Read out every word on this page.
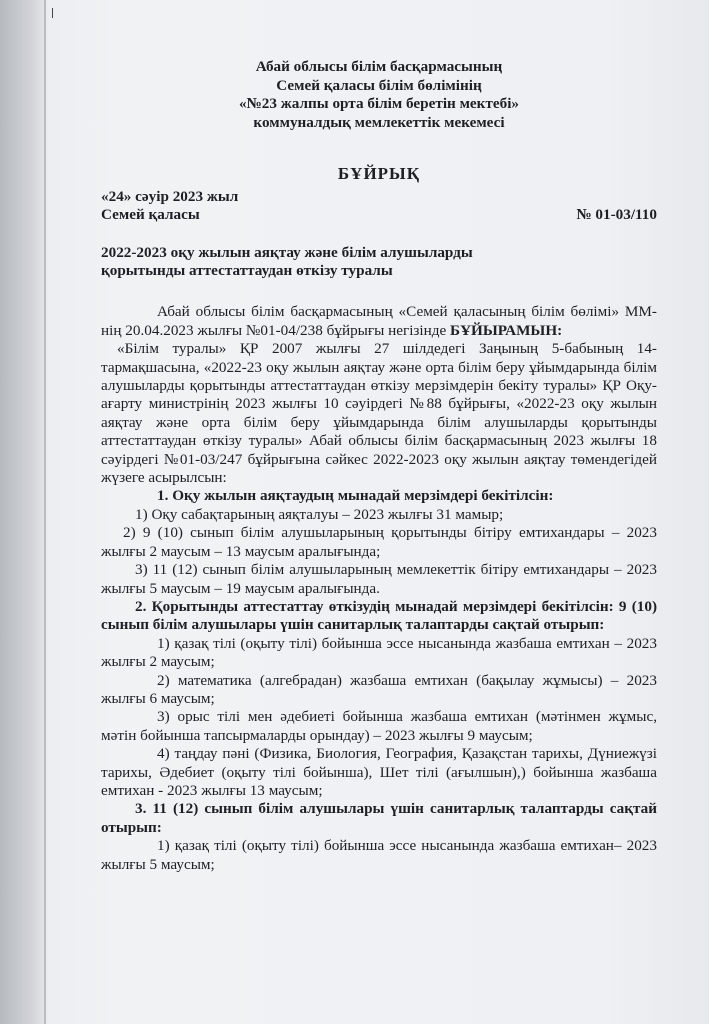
Абай облысы білім басқармасының
Семей қаласы білім бөлімінің
«№23 жалпы орта білім беретін мектебі»
коммуналдық мемлекеттік мекемесі
БҰЙРЫҚ
«24» сәуір 2023 жыл
Семей қаласы	№ 01-03/110
2022-2023 оқу жылын аяқтау және білім алушыларды
қорытынды аттестаттаудан өткізу туралы

Абай облысы білім басқармасының «Семей қаласының білім бөлімі» ММ-нің 20.04.2023 жылғы №01-04/238 бұйрығы негізінде БҰЙЫРАМЫН:

«Білім туралы» ҚР 2007 жылғы 27 шілдедегі Заңының 5-бабының 14-тармақшасына, «2022-23 оқу жылын аяқтау және орта білім беру ұйымдарында білім алушыларды қорытынды аттестаттаудан өткізу мерзімдерін бекіту туралы» ҚР Оқу-ағарту министрінің 2023 жылғы 10 сәуірдегі №88 бұйрығы, «2022-23 оқу жылын аяқтау және орта білім беру ұйымдарында білім алушыларды қорытынды аттестаттаудан өткізу туралы» Абай облысы білім басқармасының 2023 жылғы 18 сәуірдегі №01-03/247 бұйрығына сәйкес 2022-2023 оқу жылын аяқтау төмендегідей жүзеге асырылсын:

1. Оқу жылын аяқтаудың мынадай мерзімдері бекітілсін:

1) Оқу сабақтарының аяқталуы – 2023 жылғы 31 мамыр;

2) 9 (10) сынып білім алушыларының қорытынды бітіру емтихандары – 2023 жылғы 2 маусым – 13 маусым аралығында;

3) 11 (12) сынып білім алушыларының мемлекеттік бітіру емтихандары – 2023 жылғы 5 маусым – 19 маусым аралығында.

2. Қорытынды аттестаттау өткізудің мынадай мерзімдері бекітілсін: 9 (10) сынып білім алушылары үшін санитарлық талаптарды сақтай отырып:

1) қазақ тілі (оқыту тілі) бойынша эссе нысанында жазбаша емтихан – 2023 жылғы 2 маусым;

2) математика (алгебрадан) жазбаша емтихан (бақылау жұмысы) – 2023 жылғы 6 маусым;

3) орыс тілі мен әдебиеті бойынша жазбаша емтихан (мәтінмен жұмыс, мәтін бойынша тапсырмаларды орындау) – 2023 жылғы 9 маусым;

4) таңдау пәні (Физика, Биология, География, Қазақстан тарихы, Дүниежүзі тарихы, Әдебиет (оқыту тілі бойынша), Шет тілі (ағылшын),) бойынша жазбаша емтихан - 2023 жылғы 13 маусым;

3. 11 (12) сынып білім алушылары үшін санитарлық талаптарды сақтай отырып:

1) қазақ тілі (оқыту тілі) бойынша эссе нысанында жазбаша емтихан– 2023 жылғы 5 маусым;
